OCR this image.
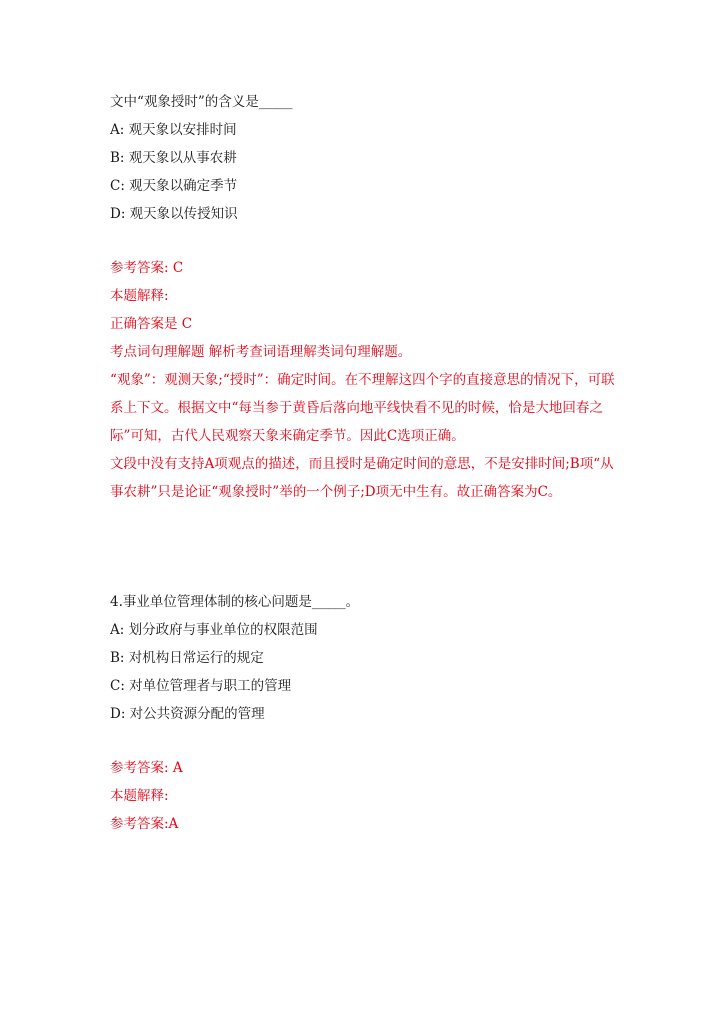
文中“观象授时”的含义是_____
A: 观天象以安排时间
B: 观天象以从事农耕
C: 观天象以确定季节
D: 观天象以传授知识
参考答案: C
本题解释:
正确答案是 C
考点词句理解题 解析考查词语理解类词句理解题。
“观象”：观测天象;“授时”：确定时间。在不理解这四个字的直接意思的情况下，可联系上下文。根据文中“每当参于黄昏后落向地平线快看不见的时候，恰是大地回春之际”可知，古代人民观察天象来确定季节。因此C选项正确。
文段中没有支持A项观点的描述，而且授时是确定时间的意思，不是安排时间;B项“从事农耕”只是论证“观象授时”举的一个例子;D项无中生有。故正确答案为C。
4.事业单位管理体制的核心问题是_____。
A: 划分政府与事业单位的权限范围
B: 对机构日常运行的规定
C: 对单位管理者与职工的管理
D: 对公共资源分配的管理
参考答案: A
本题解释:
参考答案:A
